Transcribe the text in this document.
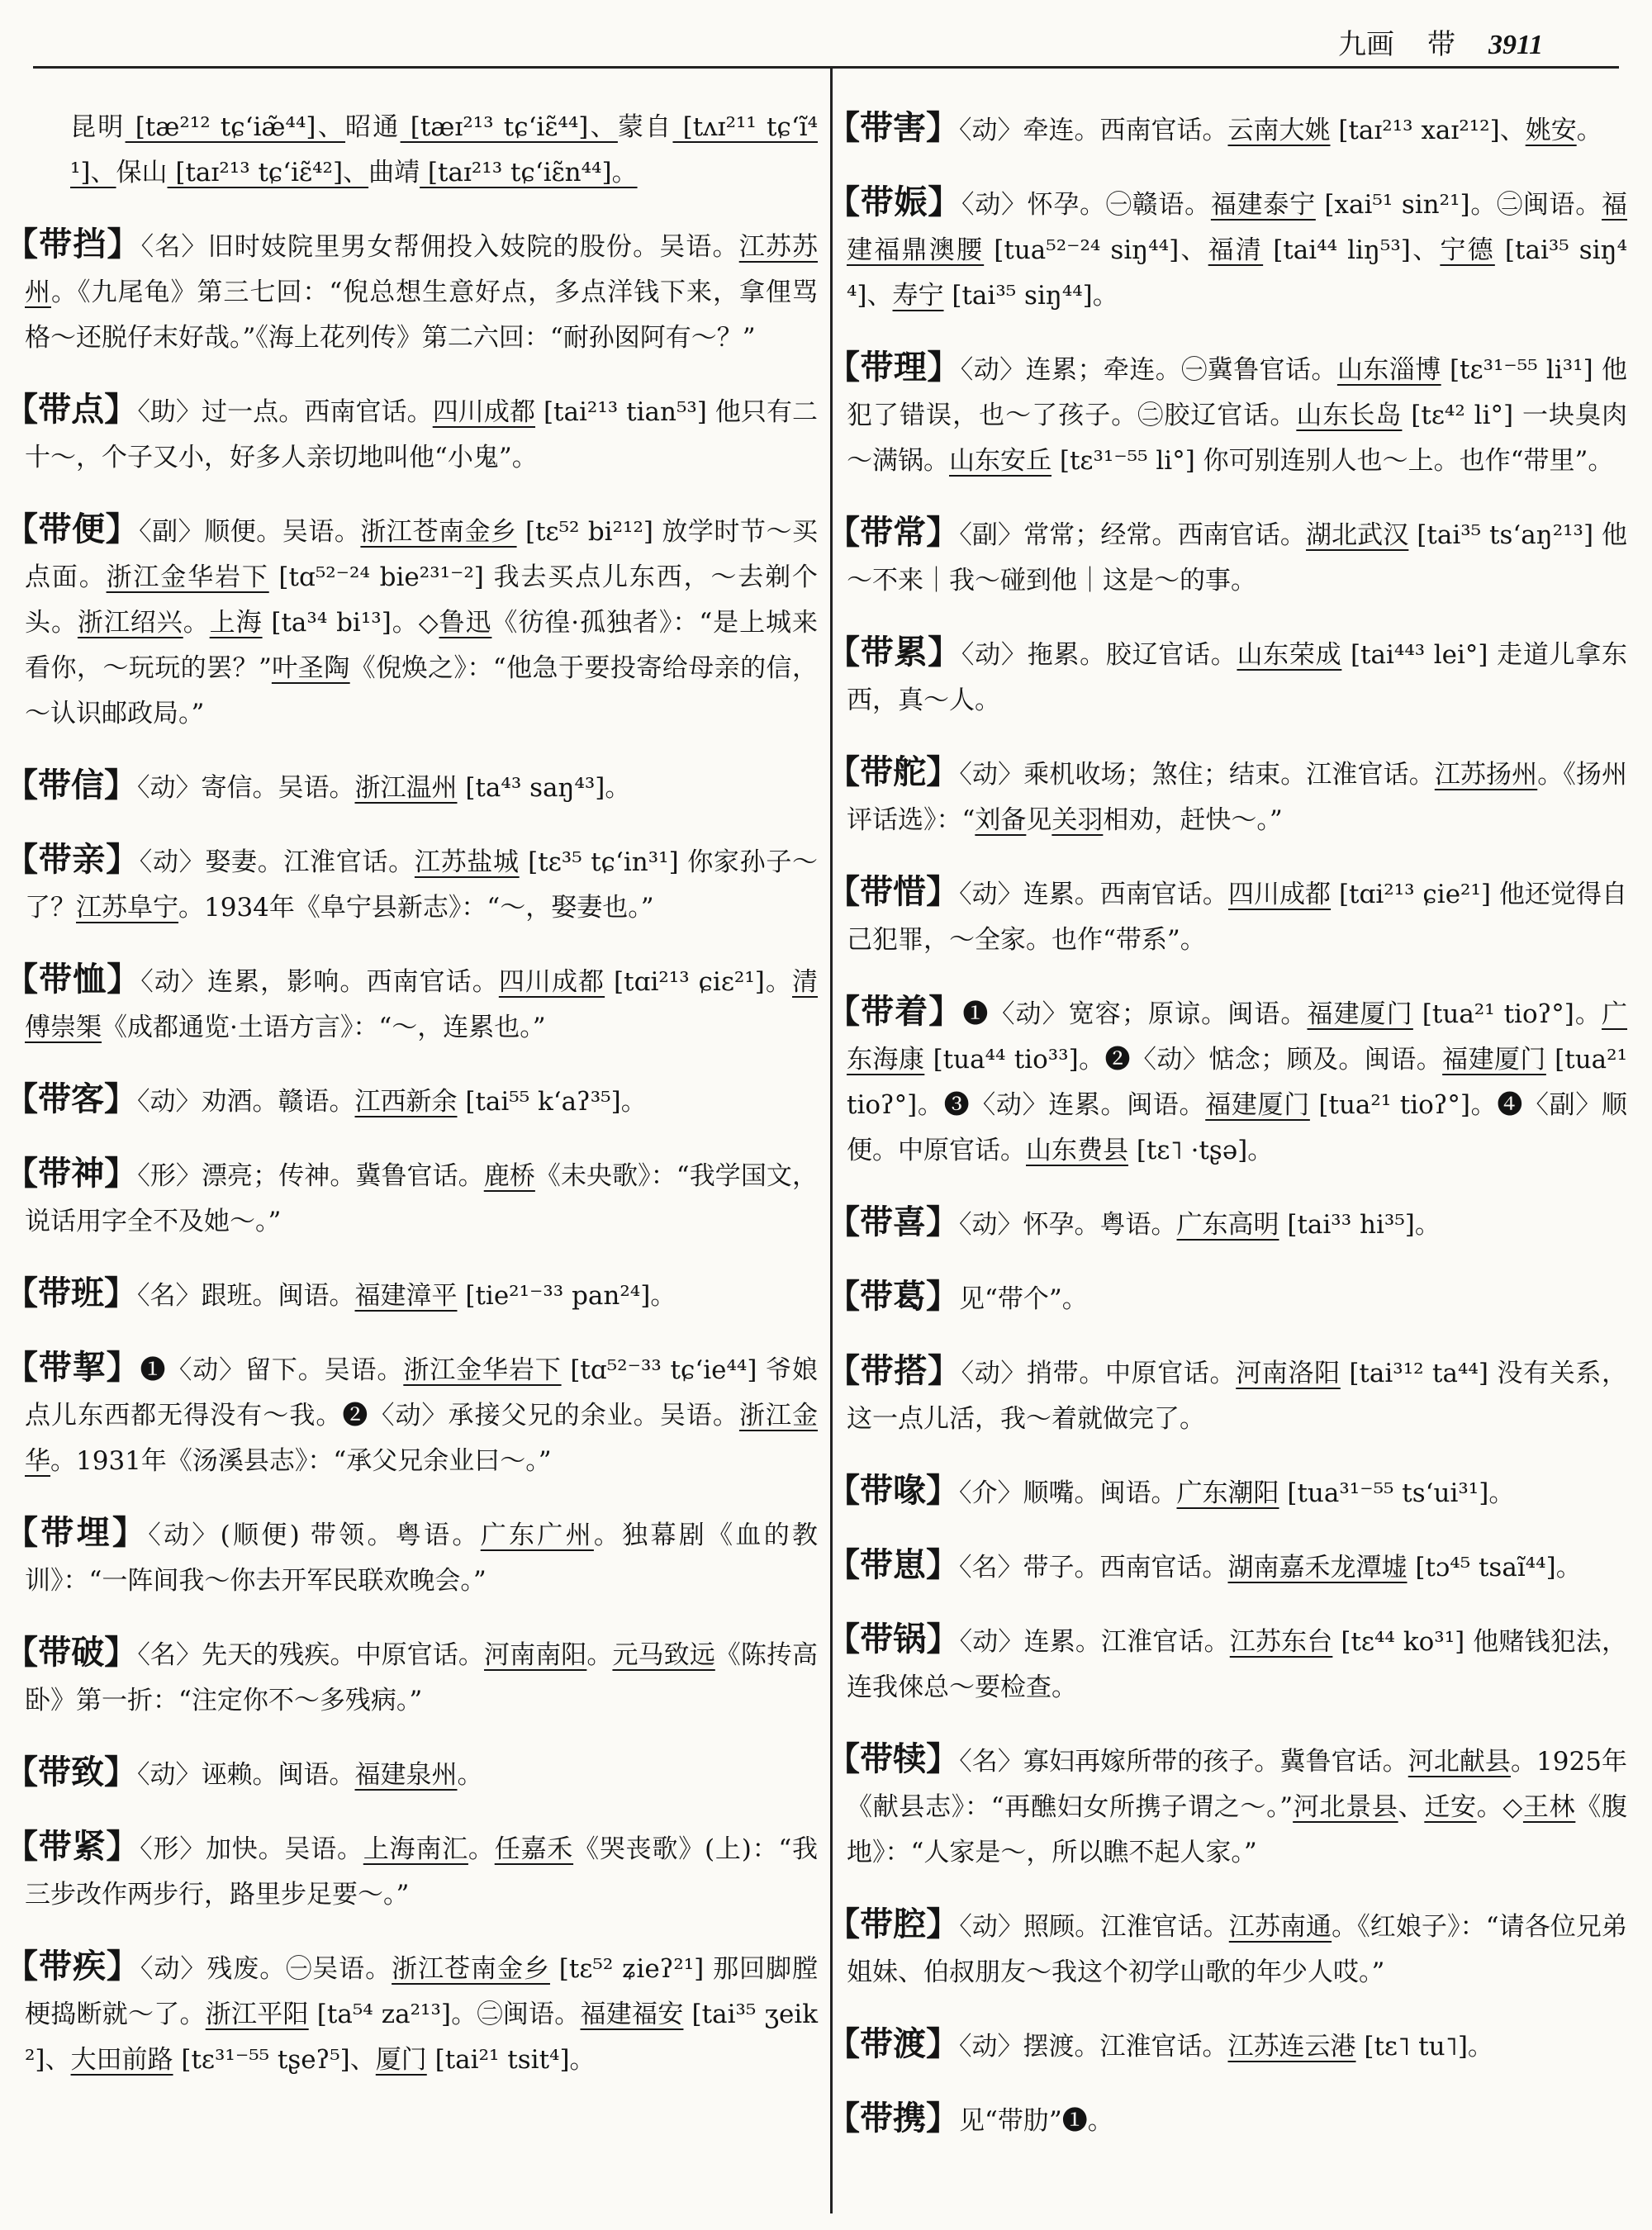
九画 带 3911

昆明 [tæ²¹² tɕʻiæ̃⁴⁴]、昭通 [tæɪ²¹³ tɕʻiɛ̃⁴⁴]、蒙自 [tʌɪ²¹¹ tɕʻĩ⁴¹]、保山 [taɪ²¹³ tɕʻiɛ̃⁴²]、曲靖 [taɪ²¹³ tɕʻiɛ̃n⁴⁴]。

【带挡】〈名〉旧时妓院里男女帮佣投入妓院的股份。吴语。江苏苏州。《九尾龟》第三七回：“倪总想生意好点，多点洋钱下来，拿俚骂格～还脱仔末好哉。”《海上花列传》第二六回：“耐孙囡阿有～？”

【带点】〈助〉过一点。西南官话。四川成都 [tai²¹³ tian⁵³] 他只有二十～，个子又小，好多人亲切地叫他“小鬼”。

【带便】〈副〉顺便。吴语。浙江苍南金乡 [tɛ⁵² bi²¹²] 放学时节～买点面。浙江金华岩下 [tɑ⁵²⁻²⁴ bie²³¹⁻²] 我去买点儿东西，～去剃个头。浙江绍兴。上海 [ta³⁴ bi¹³]。◇鲁迅《彷徨·孤独者》：“是上城来看你，～玩玩的罢？”叶圣陶《倪焕之》：“他急于要投寄给母亲的信，～认识邮政局。”

【带信】〈动〉寄信。吴语。浙江温州 [ta⁴³ saŋ⁴³]。

【带亲】〈动〉娶妻。江淮官话。江苏盐城 [tɛ³⁵ tɕʻin³¹] 你家孙子～了？江苏阜宁。1934年《阜宁县新志》：“～，娶妻也。”

【带恤】〈动〉连累，影响。西南官话。四川成都 [tɑi²¹³ ɕiɛ²¹]。清傅崇榘《成都通览·土语方言》：“～，连累也。”

【带客】〈动〉劝酒。赣语。江西新余 [tai⁵⁵ kʻaʔ³⁵]。

【带神】〈形〉漂亮；传神。冀鲁官话。鹿桥《未央歌》：“我学国文，说话用字全不及她～。”

【带班】〈名〉跟班。闽语。福建漳平 [tie²¹⁻³³ pan²⁴]。

【带挈】❶〈动〉留下。吴语。浙江金华岩下 [tɑ⁵²⁻³³ tɕʻie⁴⁴] 爷娘点儿东西都无得没有～我。❷〈动〉承接父兄的余业。吴语。浙江金华。1931年《汤溪县志》：“承父兄余业曰～。”

【带埋】〈动〉(顺便) 带领。粤语。广东广州。独幕剧《血的教训》：“一阵间我～你去开军民联欢晚会。”

【带破】〈名〉先天的残疾。中原官话。河南南阳。元马致远《陈抟高卧》第一折：“注定你不～多残病。”

【带致】〈动〉诬赖。闽语。福建泉州。

【带紧】〈形〉加快。吴语。上海南汇。任嘉禾《哭丧歌》(上)：“我三步改作两步行，路里步足要～。”

【带疾】〈动〉残废。㊀吴语。浙江苍南金乡 [tɛ⁵² ʑieʔ²¹] 那回脚膛梗捣断就～了。浙江平阳 [ta⁵⁴ za²¹³]。㊁闽语。福建福安 [tai³⁵ ʒeik²]、大田前路 [tɛ³¹⁻⁵⁵ tʂeʔ⁵]、厦门 [tai²¹ tsit⁴]。

【带害】〈动〉牵连。西南官话。云南大姚 [taɪ²¹³ xaɪ²¹²]、姚安。

【带娠】〈动〉怀孕。㊀赣语。福建泰宁 [xai⁵¹ sin²¹]。㊁闽语。福建福鼎澳腰 [tua⁵²⁻²⁴ siŋ⁴⁴]、福清 [tai⁴⁴ liŋ⁵³]、宁德 [tai³⁵ siŋ⁴⁴]、寿宁 [tai³⁵ siŋ⁴⁴]。

【带理】〈动〉连累；牵连。㊀冀鲁官话。山东淄博 [tɛ³¹⁻⁵⁵ li³¹] 他犯了错误，也～了孩子。㊁胶辽官话。山东长岛 [tɛ⁴² li°] 一块臭肉～满锅。山东安丘 [tɛ³¹⁻⁵⁵ li°] 你可别连别人也～上。也作“带里”。

【带常】〈副〉常常；经常。西南官话。湖北武汉 [tai³⁵ tsʻaŋ²¹³] 他～不来｜我～碰到他｜这是～的事。

【带累】〈动〉拖累。胶辽官话。山东荣成 [tai⁴⁴³ lei°] 走道儿拿东西，真～人。

【带舵】〈动〉乘机收场；煞住；结束。江淮官话。江苏扬州。《扬州评话选》：“刘备见关羽相劝，赶快～。”

【带惜】〈动〉连累。西南官话。四川成都 [tɑi²¹³ ɕie²¹] 他还觉得自己犯罪，～全家。也作“带系”。

【带着】❶〈动〉宽容；原谅。闽语。福建厦门 [tua²¹ tioʔ°]。广东海康 [tua⁴⁴ tio³³]。❷〈动〉惦念；顾及。闽语。福建厦门 [tua²¹ tioʔ°]。❸〈动〉连累。闽语。福建厦门 [tua²¹ tioʔ°]。❹〈副〉顺便。中原官话。山东费县 [tɛ˥ ·tʂə]。

【带喜】〈动〉怀孕。粤语。广东高明 [tai³³ hi³⁵]。

【带葛】见“带个”。

【带搭】〈动〉捎带。中原官话。河南洛阳 [tai³¹² ta⁴⁴] 没有关系，这一点儿活，我～着就做完了。

【带喙】〈介〉顺嘴。闽语。广东潮阳 [tua³¹⁻⁵⁵ tsʻui³¹]。

【带崽】〈名〉带子。西南官话。湖南嘉禾龙潭墟 [tɔ⁴⁵ tsaĩ⁴⁴]。

【带锅】〈动〉连累。江淮官话。江苏东台 [tɛ⁴⁴ ko³¹] 他赌钱犯法，连我倈总～要检查。

【带犊】〈名〉寡妇再嫁所带的孩子。冀鲁官话。河北献县。1925年《献县志》：“再醮妇女所携子谓之～。”河北景县、迁安。◇王林《腹地》：“人家是～，所以瞧不起人家。”

【带腔】〈动〉照顾。江淮官话。江苏南通。《红娘子》：“请各位兄弟姐妹、伯叔朋友～我这个初学山歌的年少人哎。”

【带渡】〈动〉摆渡。江淮官话。江苏连云港 [tɛ˥ tu˥]。

【带携】见“带肋”❶。
